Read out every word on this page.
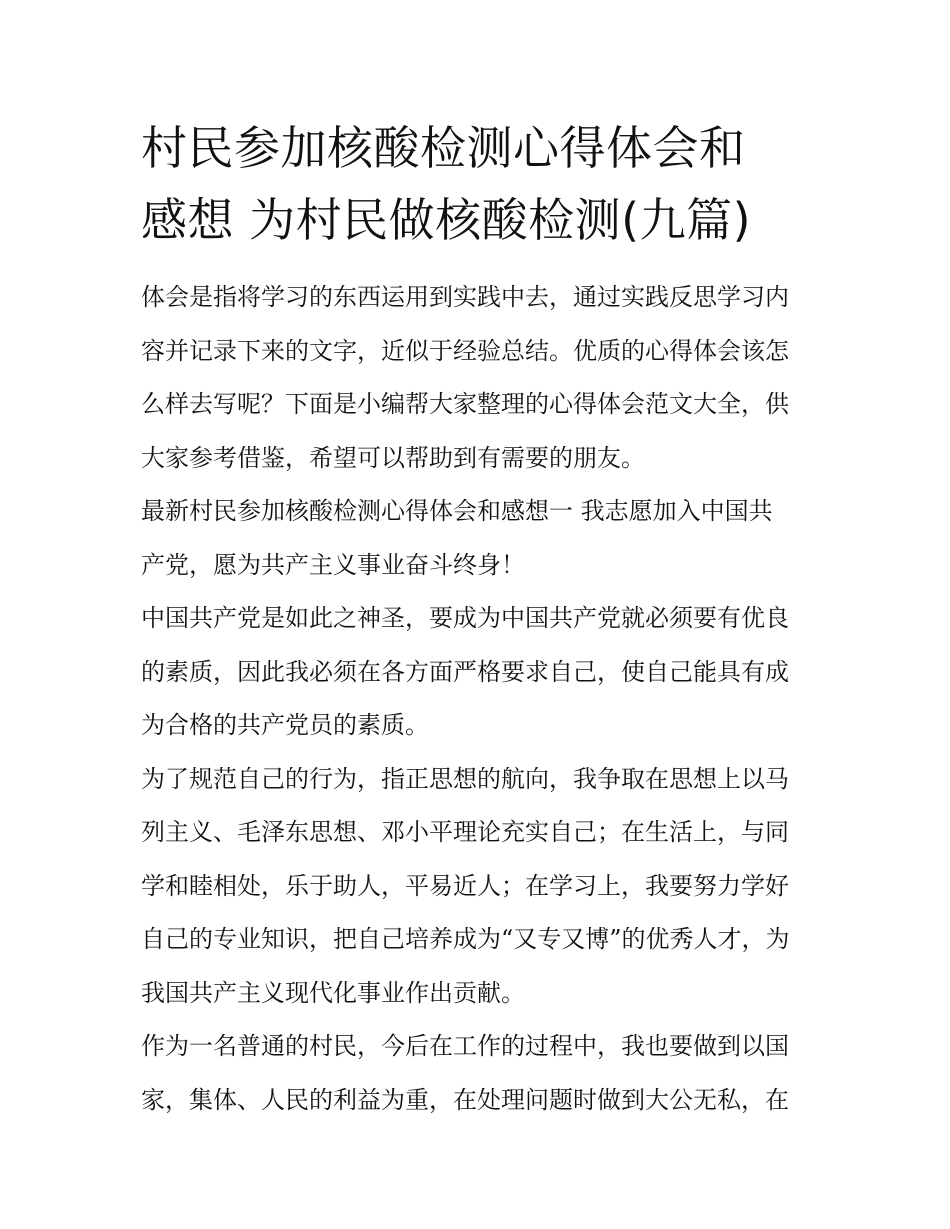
村民参加核酸检测心得体会和
感想 为村民做核酸检测(九篇)

体会是指将学习的东西运用到实践中去，通过实践反思学习内
容并记录下来的文字，近似于经验总结。优质的心得体会该怎
么样去写呢？下面是小编帮大家整理的心得体会范文大全，供
大家参考借鉴，希望可以帮助到有需要的朋友。

最新村民参加核酸检测心得体会和感想一 我志愿加入中国共
产党，愿为共产主义事业奋斗终身！

中国共产党是如此之神圣，要成为中国共产党就必须要有优良
的素质，因此我必须在各方面严格要求自己，使自己能具有成
为合格的共产党员的素质。

为了规范自己的行为，指正思想的航向，我争取在思想上以马
列主义、毛泽东思想、邓小平理论充实自己；在生活上，与同
学和睦相处，乐于助人，平易近人；在学习上，我要努力学好
自己的专业知识，把自己培养成为“又专又博”的优秀人才，为
我国共产主义现代化事业作出贡献。

作为一名普通的村民，今后在工作的过程中，我也要做到以国
家，集体、人民的利益为重，在处理问题时做到大公无私，在
